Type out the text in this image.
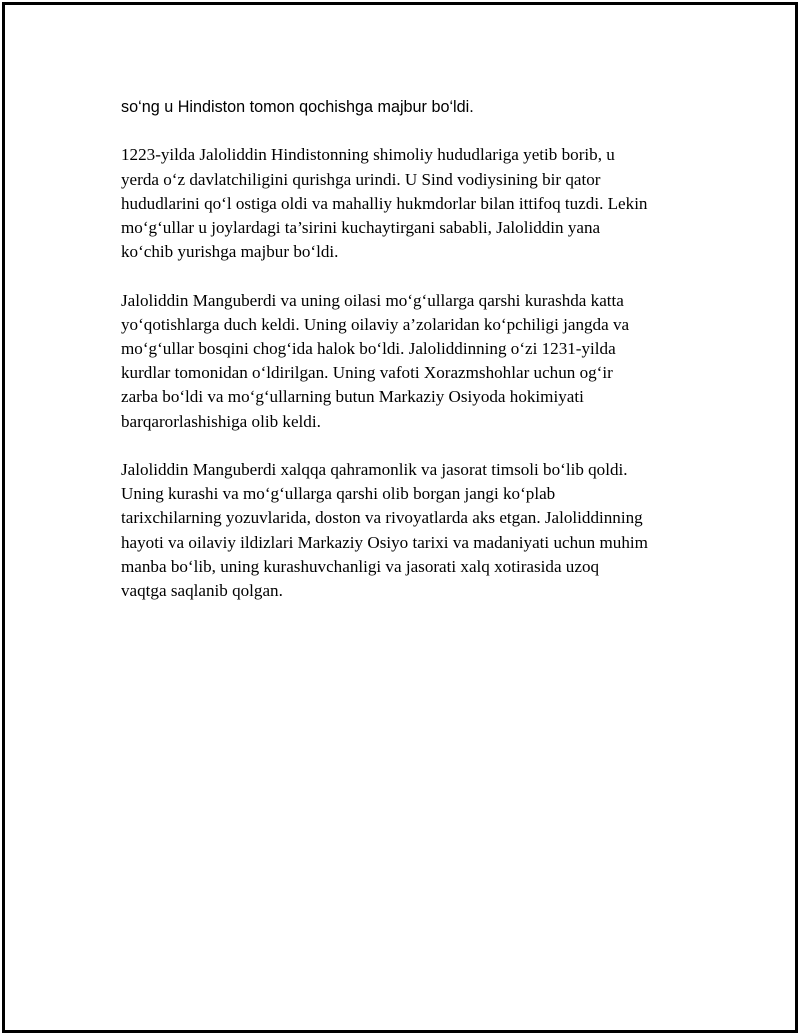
so‘ng u Hindiston tomon qochishga majbur bo‘ldi.

1223-yilda Jaloliddin Hindistonning shimoliy hududlariga yetib borib, u
yerda o‘z davlatchiligini qurishga urindi. U Sind vodiysining bir qator
hududlarini qo‘l ostiga oldi va mahalliy hukmdorlar bilan ittifoq tuzdi. Lekin
mo‘g‘ullar u joylardagi ta’sirini kuchaytirgani sababli, Jaloliddin yana
ko‘chib yurishga majbur bo‘ldi.

Jaloliddin Manguberdi va uning oilasi mo‘g‘ullarga qarshi kurashda katta
yo‘qotishlarga duch keldi. Uning oilaviy a’zolaridan ko‘pchiligi jangda va
mo‘g‘ullar bosqini chog‘ida halok bo‘ldi. Jaloliddinning o‘zi 1231-yilda
kurdlar tomonidan o‘ldirilgan. Uning vafoti Xorazmshohlar uchun og‘ir
zarba bo‘ldi va mo‘g‘ullarning butun Markaziy Osiyoda hokimiyati
barqarorlashishiga olib keldi.

Jaloliddin Manguberdi xalqqa qahramonlik va jasorat timsoli bo‘lib qoldi.
Uning kurashi va mo‘g‘ullarga qarshi olib borgan jangi ko‘plab
tarixchilarning yozuvlarida, doston va rivoyatlarda aks etgan. Jaloliddinning
hayoti va oilaviy ildizlari Markaziy Osiyo tarixi va madaniyati uchun muhim
manba bo‘lib, uning kurashuvchanligi va jasorati xalq xotirasida uzoq
vaqtga saqlanib qolgan.
